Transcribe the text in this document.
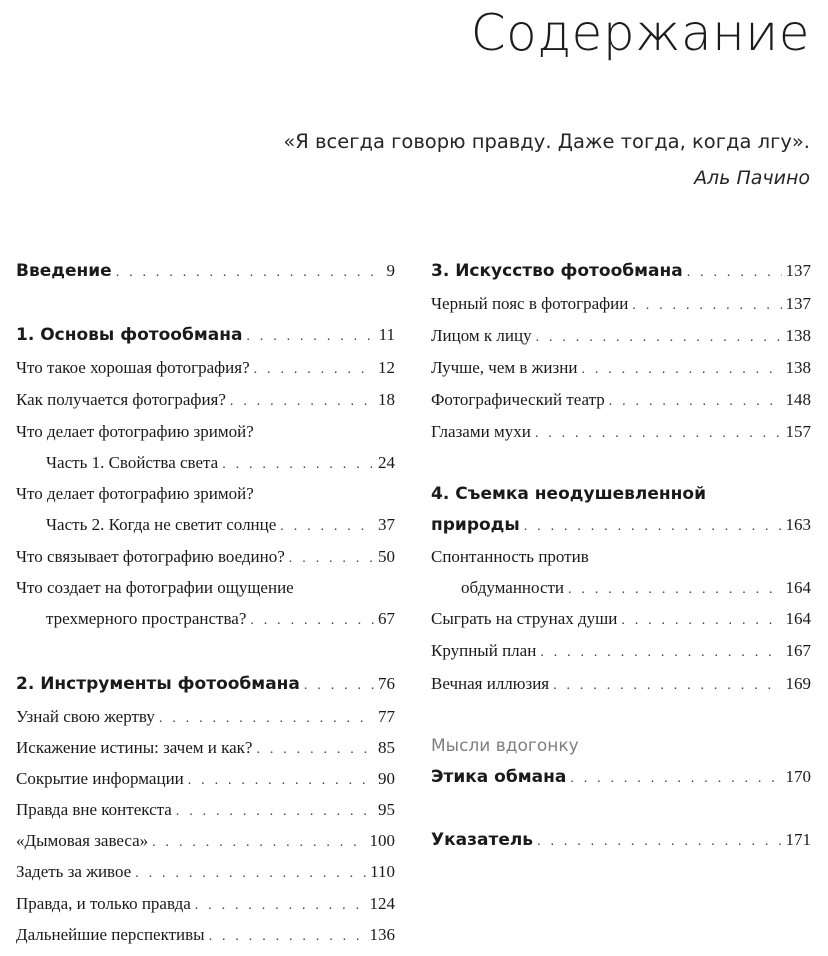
Содержание
«Я всегда говорю правду. Даже тогда, когда лгу».
Аль Пачино
Введение . . .	9
1. Основы фотообмана . . .	11
Что такое хорошая фотография? . . .	12
Как получается фотография? . . .	18
Что делает фотографию зримой?
Часть 1. Свойства света . . .	24
Что делает фотографию зримой?
Часть 2. Когда не светит солнце . . .	37
Что связывает фотографию воедино? . . .	50
Что создает на фотографии ощущение
трехмерного пространства? . . .	67
2. Инструменты фотообмана . . .	76
Узнай свою жертву . . .	77
Искажение истины: зачем и как? . . .	85
Сокрытие информации . . .	90
Правда вне контекста . . .	95
«Дымовая завеса» . . .	100
Задеть за живое . . .	110
Правда, и только правда . . .	124
Дальнейшие перспективы . . .	136
3. Искусство фотообмана . . .	137
Черный пояс в фотографии . . .	137
Лицом к лицу . . .	138
Лучше, чем в жизни . . .	138
Фотографический театр . . .	148
Глазами мухи . . .	157
4. Съемка неодушевленной
природы . . .	163
Спонтанность против
обдуманности . . .	164
Сыграть на струнах души . . .	164
Крупный план . . .	167
Вечная иллюзия . . .	169
Мысли вдогонку
Этика обмана . . .	170
Указатель . . .	171
